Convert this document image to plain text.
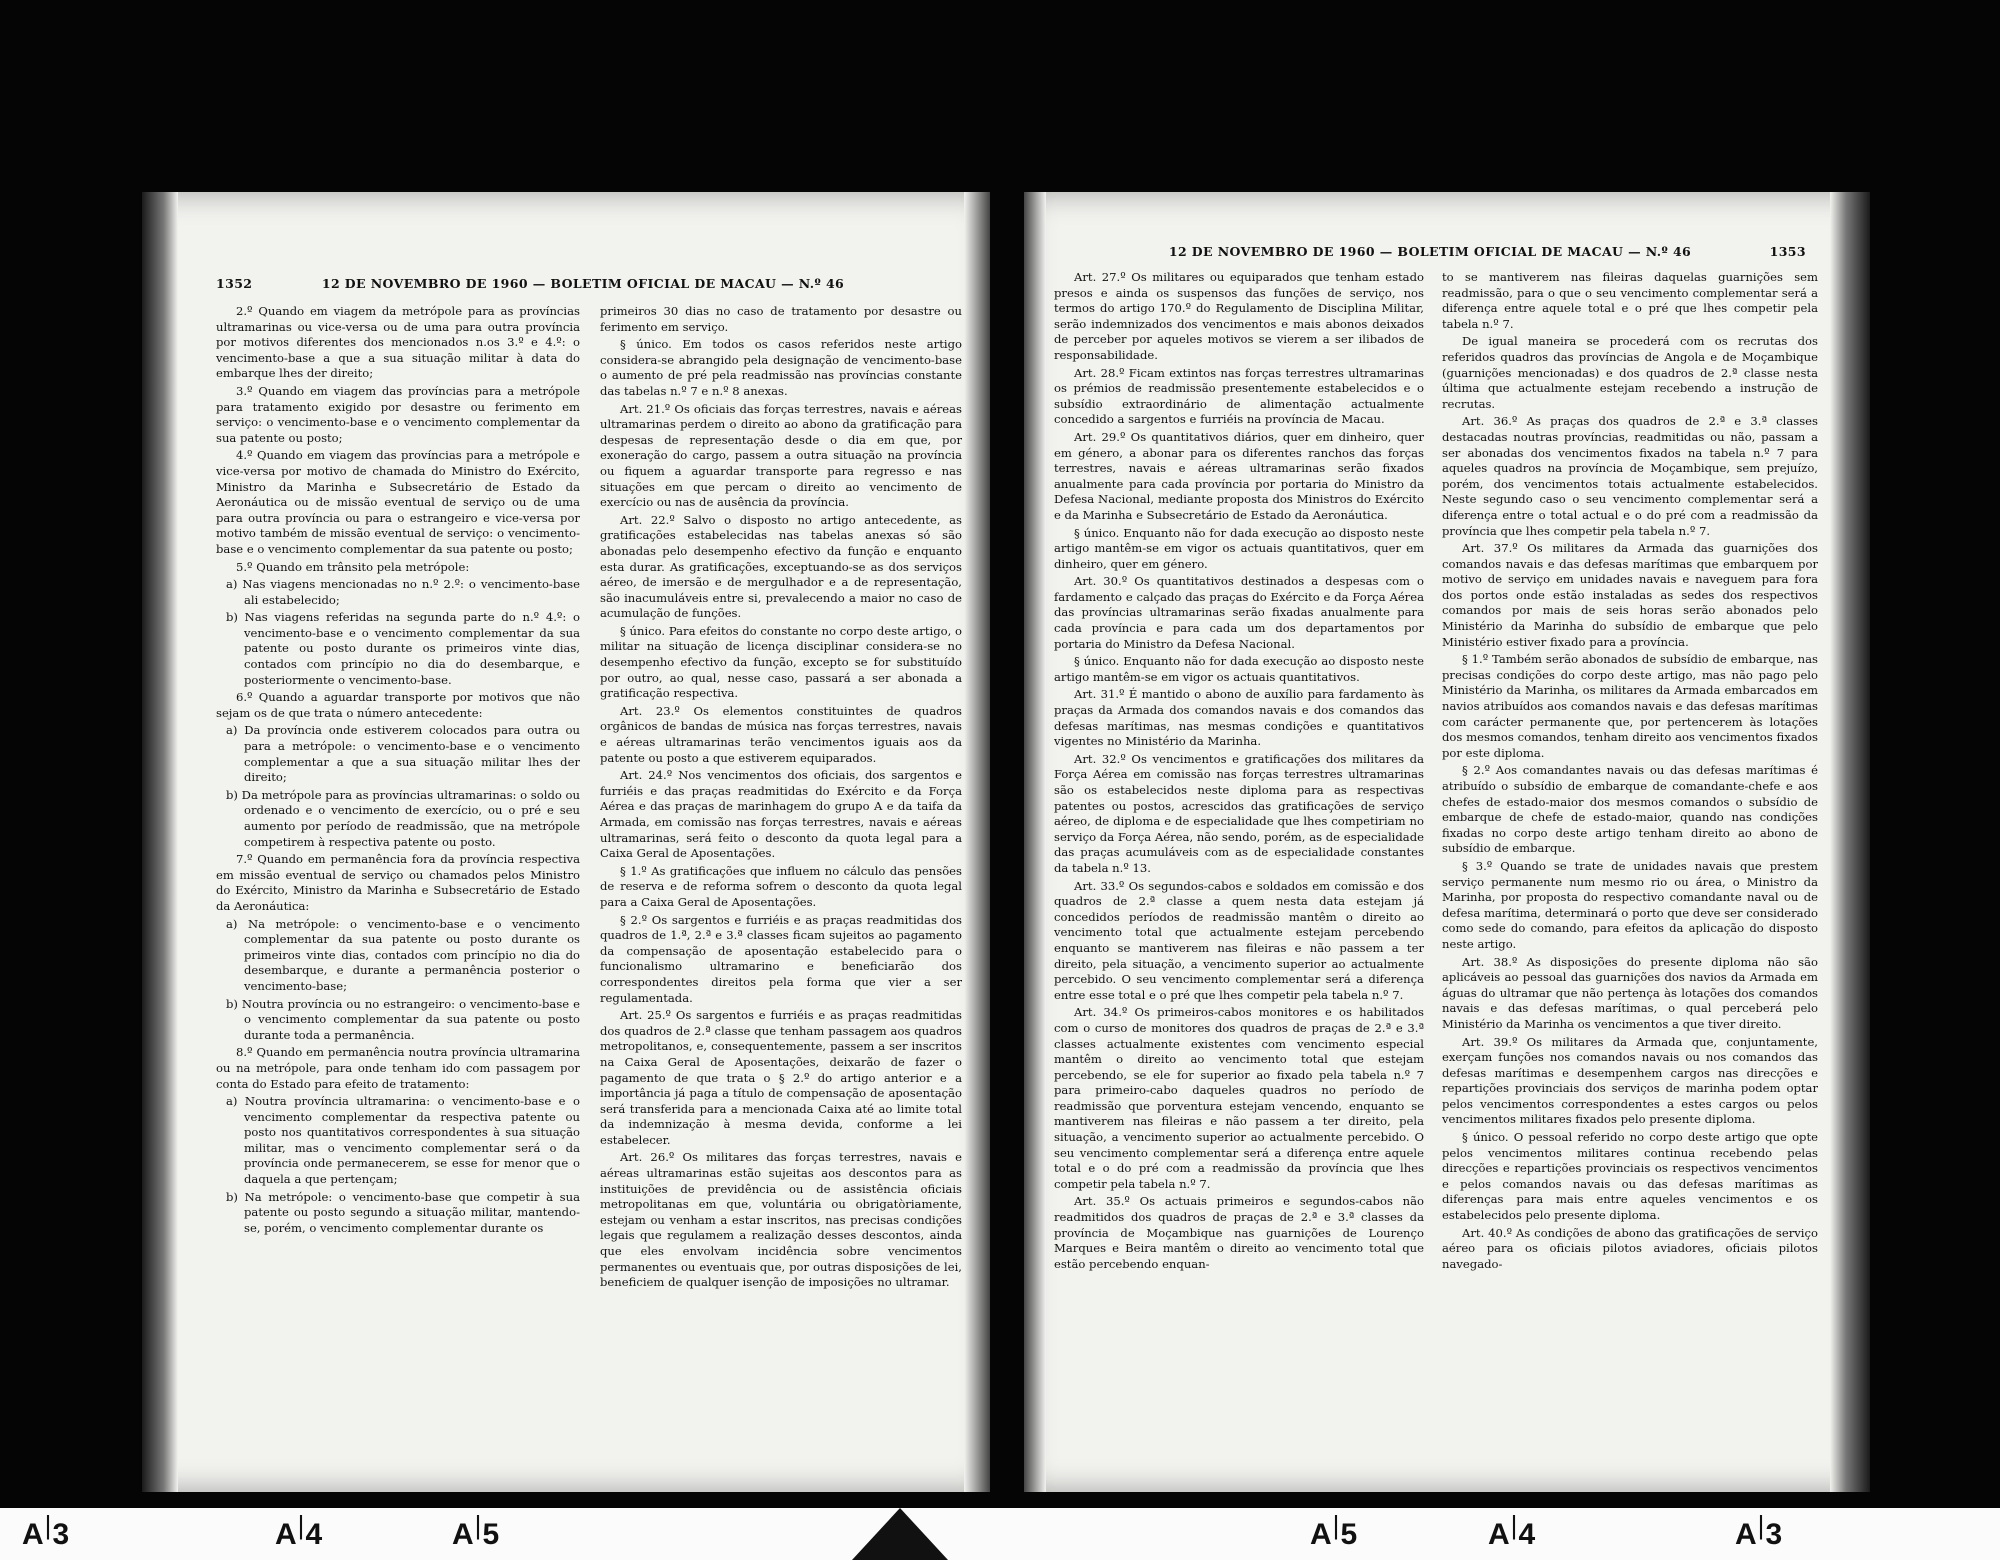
1352	12 DE NOVEMBRO DE 1960 — BOLETIM OFICIAL DE MACAU — N.º 46

2.º Quando em viagem da metrópole para as províncias ultramarinas ou vice-versa ou de uma para outra província por motivos diferentes dos mencionados n.os 3.º e 4.º: o vencimento-base a que a sua situação militar à data do embarque lhes der direito;

3.º Quando em viagem das províncias para a metrópole para tratamento exigido por desastre ou ferimento em serviço: o vencimento-base e o vencimento complementar da sua patente ou posto;

4.º Quando em viagem das províncias para a metrópole e vice-versa por motivo de chamada do Ministro do Exército, Ministro da Marinha e Subsecretário de Estado da Aeronáutica ou de missão eventual de serviço ou de uma para outra província ou para o estrangeiro e vice-versa por motivo também de missão eventual de serviço: o vencimento-base e o vencimento complementar da sua patente ou posto;

5.º Quando em trânsito pela metrópole:

a) Nas viagens mencionadas no n.º 2.º: o vencimento-base ali estabelecido;

b) Nas viagens referidas na segunda parte do n.º 4.º: o vencimento-base e o vencimento complementar da sua patente ou posto durante os primeiros vinte dias, contados com princípio no dia do desembarque, e posteriormente o vencimento-base.

6.º Quando a aguardar transporte por motivos que não sejam os de que trata o número antecedente:

a) Da província onde estiverem colocados para outra ou para a metrópole: o vencimento-base e o vencimento complementar a que a sua situação militar lhes der direito;

b) Da metrópole para as províncias ultramarinas: o soldo ou ordenado e o vencimento de exercício, ou o pré e seu aumento por período de readmissão, que na metrópole competirem à respectiva patente ou posto.

7.º Quando em permanência fora da província respectiva em missão eventual de serviço ou chamados pelos Ministro do Exército, Ministro da Marinha e Subsecretário de Estado da Aeronáutica:

a) Na metrópole: o vencimento-base e o vencimento complementar da sua patente ou posto durante os primeiros vinte dias, contados com princípio no dia do desembarque, e durante a permanência posterior o vencimento-base;

b) Noutra província ou no estrangeiro: o vencimento-base e o vencimento complementar da sua patente ou posto durante toda a permanência.

8.º Quando em permanência noutra província ultramarina ou na metrópole, para onde tenham ido com passagem por conta do Estado para efeito de tratamento:

a) Noutra província ultramarina: o vencimento-base e o vencimento complementar da respectiva patente ou posto nos quantitativos correspondentes à sua situação militar, mas o vencimento complementar será o da província onde permanecerem, se esse for menor que o daquela a que pertençam;

b) Na metrópole: o vencimento-base que competir à sua patente ou posto segundo a situação militar, mantendo-se, porém, o vencimento complementar durante os

primeiros 30 dias no caso de tratamento por desastre ou ferimento em serviço.

§ único. Em todos os casos referidos neste artigo considera-se abrangido pela designação de vencimento-base o aumento de pré pela readmissão nas províncias constante das tabelas n.º 7 e n.º 8 anexas.

Art. 21.º Os oficiais das forças terrestres, navais e aéreas ultramarinas perdem o direito ao abono da gratificação para despesas de representação desde o dia em que, por exoneração do cargo, passem a outra situação na província ou fiquem a aguardar transporte para regresso e nas situações em que percam o direito ao vencimento de exercício ou nas de ausência da província.

Art. 22.º Salvo o disposto no artigo antecedente, as gratificações estabelecidas nas tabelas anexas só são abonadas pelo desempenho efectivo da função e enquanto esta durar. As gratificações, exceptuando-se as dos serviços aéreo, de imersão e de mergulhador e a de representação, são inacumuláveis entre si, prevalecendo a maior no caso de acumulação de funções.

§ único. Para efeitos do constante no corpo deste artigo, o militar na situação de licença disciplinar considera-se no desempenho efectivo da função, excepto se for substituído por outro, ao qual, nesse caso, passará a ser abonada a gratificação respectiva.

Art. 23.º Os elementos constituintes de quadros orgânicos de bandas de música nas forças terrestres, navais e aéreas ultramarinas terão vencimentos iguais aos da patente ou posto a que estiverem equiparados.

Art. 24.º Nos vencimentos dos oficiais, dos sargentos e furriéis e das praças readmitidas do Exército e da Força Aérea e das praças de marinhagem do grupo A e da taifa da Armada, em comissão nas forças terrestres, navais e aéreas ultramarinas, será feito o desconto da quota legal para a Caixa Geral de Aposentações.

§ 1.º As gratificações que influem no cálculo das pensões de reserva e de reforma sofrem o desconto da quota legal para a Caixa Geral de Aposentações.

§ 2.º Os sargentos e furriéis e as praças readmitidas dos quadros de 1.ª, 2.ª e 3.ª classes ficam sujeitos ao pagamento da compensação de aposentação estabelecido para o funcionalismo ultramarino e beneficiarão dos correspondentes direitos pela forma que vier a ser regulamentada.

Art. 25.º Os sargentos e furriéis e as praças readmitidas dos quadros de 2.ª classe que tenham passagem aos quadros metropolitanos, e, consequentemente, passem a ser inscritos na Caixa Geral de Aposentações, deixarão de fazer o pagamento de que trata o § 2.º do artigo anterior e a importância já paga a título de compensação de aposentação será transferida para a mencionada Caixa até ao limite total da indemnização à mesma devida, conforme a lei estabelecer.

Art. 26.º Os militares das forças terrestres, navais e aéreas ultramarinas estão sujeitas aos descontos para as instituições de previdência ou de assistência oficiais metropolitanas em que, voluntária ou obrigatòriamente, estejam ou venham a estar inscritos, nas precisas condições legais que regulamem a realização desses descontos, ainda que eles envolvam incidência sobre vencimentos permanentes ou eventuais que, por outras disposições de lei, beneficiem de qualquer isenção de imposições no ultramar.

12 DE NOVEMBRO DE 1960 — BOLETIM OFICIAL DE MACAU — N.º 46	1353

Art. 27.º Os militares ou equiparados que tenham estado presos e ainda os suspensos das funções de serviço, nos termos do artigo 170.º do Regulamento de Disciplina Militar, serão indemnizados dos vencimentos e mais abonos deixados de perceber por aqueles motivos se vierem a ser ilibados de responsabilidade.

Art. 28.º Ficam extintos nas forças terrestres ultramarinas os prémios de readmissão presentemente estabelecidos e o subsídio extraordinário de alimentação actualmente concedido a sargentos e furriéis na província de Macau.

Art. 29.º Os quantitativos diários, quer em dinheiro, quer em género, a abonar para os diferentes ranchos das forças terrestres, navais e aéreas ultramarinas serão fixados anualmente para cada província por portaria do Ministro da Defesa Nacional, mediante proposta dos Ministros do Exército e da Marinha e Subsecretário de Estado da Aeronáutica.

§ único. Enquanto não for dada execução ao disposto neste artigo mantêm-se em vigor os actuais quantitativos, quer em dinheiro, quer em género.

Art. 30.º Os quantitativos destinados a despesas com o fardamento e calçado das praças do Exército e da Força Aérea das províncias ultramarinas serão fixadas anualmente para cada província e para cada um dos departamentos por portaria do Ministro da Defesa Nacional.

§ único. Enquanto não for dada execução ao disposto neste artigo mantêm-se em vigor os actuais quantitativos.

Art. 31.º É mantido o abono de auxílio para fardamento às praças da Armada dos comandos navais e dos comandos das defesas marítimas, nas mesmas condições e quantitativos vigentes no Ministério da Marinha.

Art. 32.º Os vencimentos e gratificações dos militares da Força Aérea em comissão nas forças terrestres ultramarinas são os estabelecidos neste diploma para as respectivas patentes ou postos, acrescidos das gratificações de serviço aéreo, de diploma e de especialidade que lhes competiriam no serviço da Força Aérea, não sendo, porém, as de especialidade das praças acumuláveis com as de especialidade constantes da tabela n.º 13.

Art. 33.º Os segundos-cabos e soldados em comissão e dos quadros de 2.ª classe a quem nesta data estejam já concedidos períodos de readmissão mantêm o direito ao vencimento total que actualmente estejam percebendo enquanto se mantiverem nas fileiras e não passem a ter direito, pela situação, a vencimento superior ao actualmente percebido. O seu vencimento complementar será a diferença entre esse total e o pré que lhes competir pela tabela n.º 7.

Art. 34.º Os primeiros-cabos monitores e os habilitados com o curso de monitores dos quadros de praças de 2.ª e 3.ª classes actualmente existentes com vencimento especial mantêm o direito ao vencimento total que estejam percebendo, se ele for superior ao fixado pela tabela n.º 7 para primeiro-cabo daqueles quadros no período de readmissão que porventura estejam vencendo, enquanto se mantiverem nas fileiras e não passem a ter direito, pela situação, a vencimento superior ao actualmente percebido. O seu vencimento complementar será a diferença entre aquele total e o do pré com a readmissão da província que lhes competir pela tabela n.º 7.

Art. 35.º Os actuais primeiros e segundos-cabos não readmitidos dos quadros de praças de 2.ª e 3.ª classes da província de Moçambique nas guarnições de Lourenço Marques e Beira mantêm o direito ao vencimento total que estão percebendo enquan-

to se mantiverem nas fileiras daquelas guarnições sem readmissão, para o que o seu vencimento complementar será a diferença entre aquele total e o pré que lhes competir pela tabela n.º 7.

De igual maneira se procederá com os recrutas dos referidos quadros das províncias de Angola e de Moçambique (guarnições mencionadas) e dos quadros de 2.ª classe nesta última que actualmente estejam recebendo a instrução de recrutas.

Art. 36.º As praças dos quadros de 2.ª e 3.ª classes destacadas noutras províncias, readmitidas ou não, passam a ser abonadas dos vencimentos fixados na tabela n.º 7 para aqueles quadros na província de Moçambique, sem prejuízo, porém, dos vencimentos totais actualmente estabelecidos. Neste segundo caso o seu vencimento complementar será a diferença entre o total actual e o do pré com a readmissão da província que lhes competir pela tabela n.º 7.

Art. 37.º Os militares da Armada das guarnições dos comandos navais e das defesas marítimas que embarquem por motivo de serviço em unidades navais e naveguem para fora dos portos onde estão instaladas as sedes dos respectivos comandos por mais de seis horas serão abonados pelo Ministério da Marinha do subsídio de embarque que pelo Ministério estiver fixado para a província.

§ 1.º Também serão abonados de subsídio de embarque, nas precisas condições do corpo deste artigo, mas não pago pelo Ministério da Marinha, os militares da Armada embarcados em navios atribuídos aos comandos navais e das defesas marítimas com carácter permanente que, por pertencerem às lotações dos mesmos comandos, tenham direito aos vencimentos fixados por este diploma.

§ 2.º Aos comandantes navais ou das defesas marítimas é atribuído o subsídio de embarque de comandante-chefe e aos chefes de estado-maior dos mesmos comandos o subsídio de embarque de chefe de estado-maior, quando nas condições fixadas no corpo deste artigo tenham direito ao abono de subsídio de embarque.

§ 3.º Quando se trate de unidades navais que prestem serviço permanente num mesmo rio ou área, o Ministro da Marinha, por proposta do respectivo comandante naval ou de defesa marítima, determinará o porto que deve ser considerado como sede do comando, para efeitos da aplicação do disposto neste artigo.

Art. 38.º As disposições do presente diploma não são aplicáveis ao pessoal das guarnições dos navios da Armada em águas do ultramar que não pertença às lotações dos comandos navais e das defesas marítimas, o qual perceberá pelo Ministério da Marinha os vencimentos a que tiver direito.

Art. 39.º Os militares da Armada que, conjuntamente, exerçam funções nos comandos navais ou nos comandos das defesas marítimas e desempenhem cargos nas direcções e repartições provinciais dos serviços de marinha podem optar pelos vencimentos correspondentes a estes cargos ou pelos vencimentos militares fixados pelo presente diploma.

§ único. O pessoal referido no corpo deste artigo que opte pelos vencimentos militares continua recebendo pelas direcções e repartições provinciais os respectivos vencimentos e pelos comandos navais ou das defesas marítimas as diferenças para mais entre aqueles vencimentos e os estabelecidos pelo presente diploma.

Art. 40.º As condições de abono das gratificações de serviço aéreo para os oficiais pilotos aviadores, oficiais pilotos navegado-

A|3	A|4	A|5	A|5	A|4	A|3
